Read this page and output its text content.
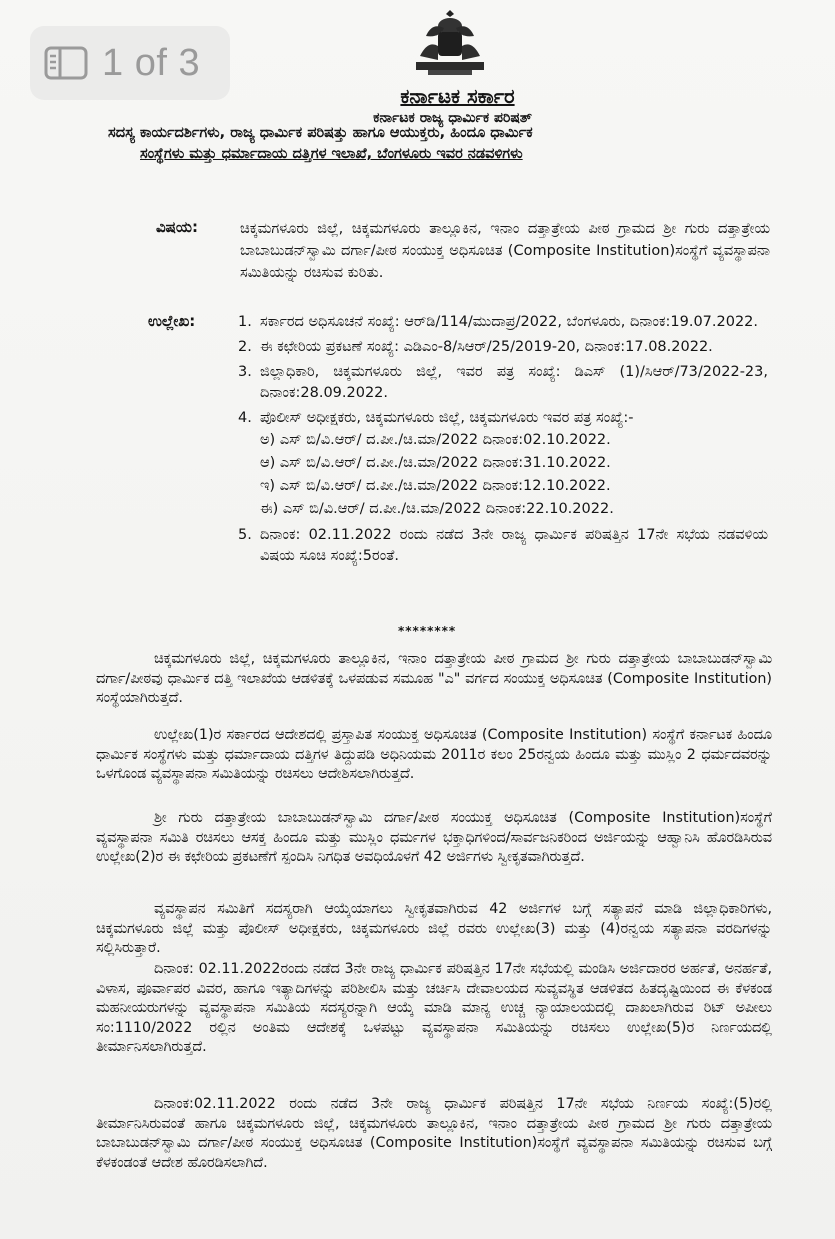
1 of 3
ಕರ್ನಾಟಕ ಸರ್ಕಾರ
ಕರ್ನಾಟಕ ರಾಜ್ಯ ಧಾರ್ಮಿಕ ಪರಿಷತ್
ಸದಸ್ಯ ಕಾರ್ಯದರ್ಶಿಗಳು, ರಾಜ್ಯ ಧಾರ್ಮಿಕ ಪರಿಷತ್ತು ಹಾಗೂ ಆಯುಕ್ತರು, ಹಿಂದೂ ಧಾರ್ಮಿಕ
ಸಂಸ್ಥೆಗಳು ಮತ್ತು ಧರ್ಮಾದಾಯ ದತ್ತಿಗಳ ಇಲಾಖೆ, ಬೆಂಗಳೂರು ಇವರ ನಡವಳಿಗಳು
ವಿಷಯ:	ಚಿಕ್ಕಮಗಳೂರು ಜಿಲ್ಲೆ, ಚಿಕ್ಕಮಗಳೂರು ತಾಲ್ಲೂಕಿನ, ಇನಾಂ ದತ್ತಾತ್ರೇಯ ಪೀಠ ಗ್ರಾಮದ ಶ್ರೀ ಗುರು ದತ್ತಾತ್ರೇಯ ಬಾಬಾಬುಡನ್‌ಸ್ವಾಮಿ ದರ್ಗಾ/ಪೀಠ ಸಂಯುಕ್ತ ಅಧಿಸೂಚಿತ (Composite Institution)ಸಂಸ್ಥೆಗೆ ವ್ಯವಸ್ಥಾಪನಾ ಸಮಿತಿಯನ್ನು ರಚಿಸುವ ಕುರಿತು.
ಉಲ್ಲೇಖ:	1. ಸರ್ಕಾರದ ಅಧಿಸೂಚನೆ ಸಂಖ್ಯೆ: ಆರ್‌ಡಿ/114/ಮುದಾಪ್ರ/2022, ಬೆಂಗಳೂರು, ದಿನಾಂಕ:19.07.2022.
2. ಈ ಕಛೇರಿಯ ಪ್ರಕಟಣೆ ಸಂಖ್ಯೆ: ಎಡಿಎಂ-8/ಸಿಆರ್/25/2019-20, ದಿನಾಂಕ:17.08.2022.
3. ಜಿಲ್ಲಾಧಿಕಾರಿ, ಚಿಕ್ಕಮಗಳೂರು ಜಿಲ್ಲೆ, ಇವರ ಪತ್ರ ಸಂಖ್ಯೆ: ಡಿಎಸ್ (1)/ಸಿಆರ್/73/2022-23, ದಿನಾಂಕ:28.09.2022.
4. ಪೊಲೀಸ್ ಅಧೀಕ್ಷಕರು, ಚಿಕ್ಕಮಗಳೂರು ಜಿಲ್ಲೆ, ಚಿಕ್ಕಮಗಳೂರು ಇವರ ಪತ್ರ ಸಂಖ್ಯೆ:-
ಅ) ಎಸ್ ಬಿ/ವಿ.ಆರ್/ ದ.ಪೀ./ಚಿ.ಮಾ/2022 ದಿನಾಂಕ:02.10.2022.
ಆ) ಎಸ್ ಬಿ/ವಿ.ಆರ್/ ದ.ಪೀ./ಚಿ.ಮಾ/2022 ದಿನಾಂಕ:31.10.2022.
ಇ) ಎಸ್ ಬಿ/ವಿ.ಆರ್/ ದ.ಪೀ./ಚಿ.ಮಾ/2022 ದಿನಾಂಕ:12.10.2022.
ಈ) ಎಸ್ ಬಿ/ವಿ.ಆರ್/ ದ.ಪೀ./ಚಿ.ಮಾ/2022 ದಿನಾಂಕ:22.10.2022.
5. ದಿನಾಂಕ: 02.11.2022 ರಂದು ನಡೆದ 3ನೇ ರಾಜ್ಯ ಧಾರ್ಮಿಕ ಪರಿಷತ್ತಿನ 17ನೇ ಸಭೆಯ ನಡವಳಿಯ ವಿಷಯ ಸೂಚಿ ಸಂಖ್ಯೆ:5ರಂತೆ.
********

ಚಿಕ್ಕಮಗಳೂರು ಜಿಲ್ಲೆ, ಚಿಕ್ಕಮಗಳೂರು ತಾಲ್ಲೂಕಿನ, ಇನಾಂ ದತ್ತಾತ್ರೇಯ ಪೀಠ ಗ್ರಾಮದ ಶ್ರೀ ಗುರು ದತ್ತಾತ್ರೇಯ ಬಾಬಾಬುಡನ್‌ಸ್ವಾಮಿ ದರ್ಗಾ/ಪೀಠವು ಧಾರ್ಮಿಕ ದತ್ತಿ ಇಲಾಖೆಯ ಆಡಳಿತಕ್ಕೆ ಒಳಪಡುವ ಸಮೂಹ "ಎ" ವರ್ಗದ ಸಂಯುಕ್ತ ಅಧಿಸೂಚಿತ (Composite Institution) ಸಂಸ್ಥೆಯಾಗಿರುತ್ತದೆ.

ಉಲ್ಲೇಖ(1)ರ ಸರ್ಕಾರದ ಆದೇಶದಲ್ಲಿ ಪ್ರಸ್ತಾಪಿತ ಸಂಯುಕ್ತ ಅಧಿಸೂಚಿತ (Composite Institution) ಸಂಸ್ಥೆಗೆ ಕರ್ನಾಟಕ ಹಿಂದೂ ಧಾರ್ಮಿಕ ಸಂಸ್ಥೆಗಳು ಮತ್ತು ಧರ್ಮಾದಾಯ ದತ್ತಿಗಳ ತಿದ್ದುಪಡಿ ಅಧಿನಿಯಮ 2011ರ ಕಲಂ 25ರನ್ವಯ ಹಿಂದೂ ಮತ್ತು ಮುಸ್ಲಿಂ 2 ಧರ್ಮದವರನ್ನು ಒಳಗೊಂಡ ವ್ಯವಸ್ಥಾಪನಾ ಸಮಿತಿಯನ್ನು ರಚಿಸಲು ಆದೇಶಿಸಲಾಗಿರುತ್ತದೆ.

ಶ್ರೀ ಗುರು ದತ್ತಾತ್ರೇಯ ಬಾಬಾಬುಡನ್‌ಸ್ವಾಮಿ ದರ್ಗಾ/ಪೀಠ ಸಂಯುಕ್ತ ಅಧಿಸೂಚಿತ (Composite Institution)ಸಂಸ್ಥೆಗೆ ವ್ಯವಸ್ಥಾಪನಾ ಸಮಿತಿ ರಚಿಸಲು ಆಸಕ್ತ ಹಿಂದೂ ಮತ್ತು ಮುಸ್ಲಿಂ ಧರ್ಮಗಳ ಭಕ್ತಾಧಿಗಳಿಂದ/ಸಾರ್ವಜನಿಕರಿಂದ ಅರ್ಜಿಯನ್ನು ಆಹ್ವಾನಿಸಿ ಹೊರಡಿಸಿರುವ ಉಲ್ಲೇಖ(2)ರ ಈ ಕಛೇರಿಯ ಪ್ರಕಟಣೆಗೆ ಸ್ಪಂದಿಸಿ ನಿಗಧಿತ ಅವಧಿಯೊಳಗೆ 42 ಅರ್ಜಿಗಳು ಸ್ವೀಕೃತವಾಗಿರುತ್ತದೆ.

ವ್ಯವಸ್ಥಾಪನ ಸಮಿತಿಗೆ ಸದಸ್ಯರಾಗಿ ಆಯ್ಕೆಯಾಗಲು ಸ್ವೀಕೃತವಾಗಿರುವ 42 ಅರ್ಜಿಗಳ ಬಗ್ಗೆ ಸತ್ಯಾಪನೆ ಮಾಡಿ ಜಿಲ್ಲಾಧಿಕಾರಿಗಳು, ಚಿಕ್ಕಮಗಳೂರು ಜಿಲ್ಲೆ ಮತ್ತು ಪೊಲೀಸ್ ಅಧೀಕ್ಷಕರು, ಚಿಕ್ಕಮಗಳೂರು ಜಿಲ್ಲೆ ರವರು ಉಲ್ಲೇಖ(3) ಮತ್ತು (4)ರನ್ವಯ ಸತ್ಯಾಪನಾ ವರದಿಗಳನ್ನು ಸಲ್ಲಿಸಿರುತ್ತಾರೆ.

ದಿನಾಂಕ: 02.11.2022ರಂದು ನಡೆದ 3ನೇ ರಾಜ್ಯ ಧಾರ್ಮಿಕ ಪರಿಷತ್ತಿನ 17ನೇ ಸಭೆಯಲ್ಲಿ ಮಂಡಿಸಿ ಅರ್ಜಿದಾರರ ಅರ್ಹತೆ, ಅನರ್ಹತೆ, ವಿಳಾಸ, ಪೂರ್ವಾಪರ ವಿವರ, ಹಾಗೂ ಇತ್ಯಾದಿಗಳನ್ನು ಪರಿಶೀಲಿಸಿ ಮತ್ತು ಚರ್ಚಿಸಿ ದೇವಾಲಯದ ಸುವ್ಯವಸ್ಥಿತ ಆಡಳಿತದ ಹಿತದೃಷ್ಟಿಯಿಂದ ಈ ಕೆಳಕಂಡ ಮಹನೀಯರುಗಳನ್ನು ವ್ಯವಸ್ಥಾಪನಾ ಸಮಿತಿಯ ಸದಸ್ಯರನ್ನಾಗಿ ಆಯ್ಕೆ ಮಾಡಿ ಮಾನ್ಯ ಉಚ್ಚ ನ್ಯಾಯಾಲಯದಲ್ಲಿ ದಾಖಲಾಗಿರುವ ರಿಟ್ ಅಪೀಲು ಸಂ:1110/2022 ರಲ್ಲಿನ ಅಂತಿಮ ಆದೇಶಕ್ಕೆ ಒಳಪಟ್ಟು ವ್ಯವಸ್ಥಾಪನಾ ಸಮಿತಿಯನ್ನು ರಚಿಸಲು ಉಲ್ಲೇಖ(5)ರ ನಿರ್ಣಯದಲ್ಲಿ ತೀರ್ಮಾನಿಸಲಾಗಿರುತ್ತದೆ.

ದಿನಾಂಕ:02.11.2022 ರಂದು ನಡೆದ 3ನೇ ರಾಜ್ಯ ಧಾರ್ಮಿಕ ಪರಿಷತ್ತಿನ 17ನೇ ಸಭೆಯ ನಿರ್ಣಯ ಸಂಖ್ಯೆ:(5)ರಲ್ಲಿ ತೀರ್ಮಾನಿಸಿರುವಂತೆ ಹಾಗೂ ಚಿಕ್ಕಮಗಳೂರು ಜಿಲ್ಲೆ, ಚಿಕ್ಕಮಗಳೂರು ತಾಲ್ಲೂಕಿನ, ಇನಾಂ ದತ್ತಾತ್ರೇಯ ಪೀಠ ಗ್ರಾಮದ ಶ್ರೀ ಗುರು ದತ್ತಾತ್ರೇಯ ಬಾಬಾಬುಡನ್‌ಸ್ವಾಮಿ ದರ್ಗಾ/ಪೀಠ ಸಂಯುಕ್ತ ಅಧಿಸೂಚಿತ (Composite Institution)ಸಂಸ್ಥೆಗೆ ವ್ಯವಸ್ಥಾಪನಾ ಸಮಿತಿಯನ್ನು ರಚಿಸುವ ಬಗ್ಗೆ ಕೆಳಕಂಡಂತೆ ಆದೇಶ ಹೊರಡಿಸಲಾಗಿದೆ.
